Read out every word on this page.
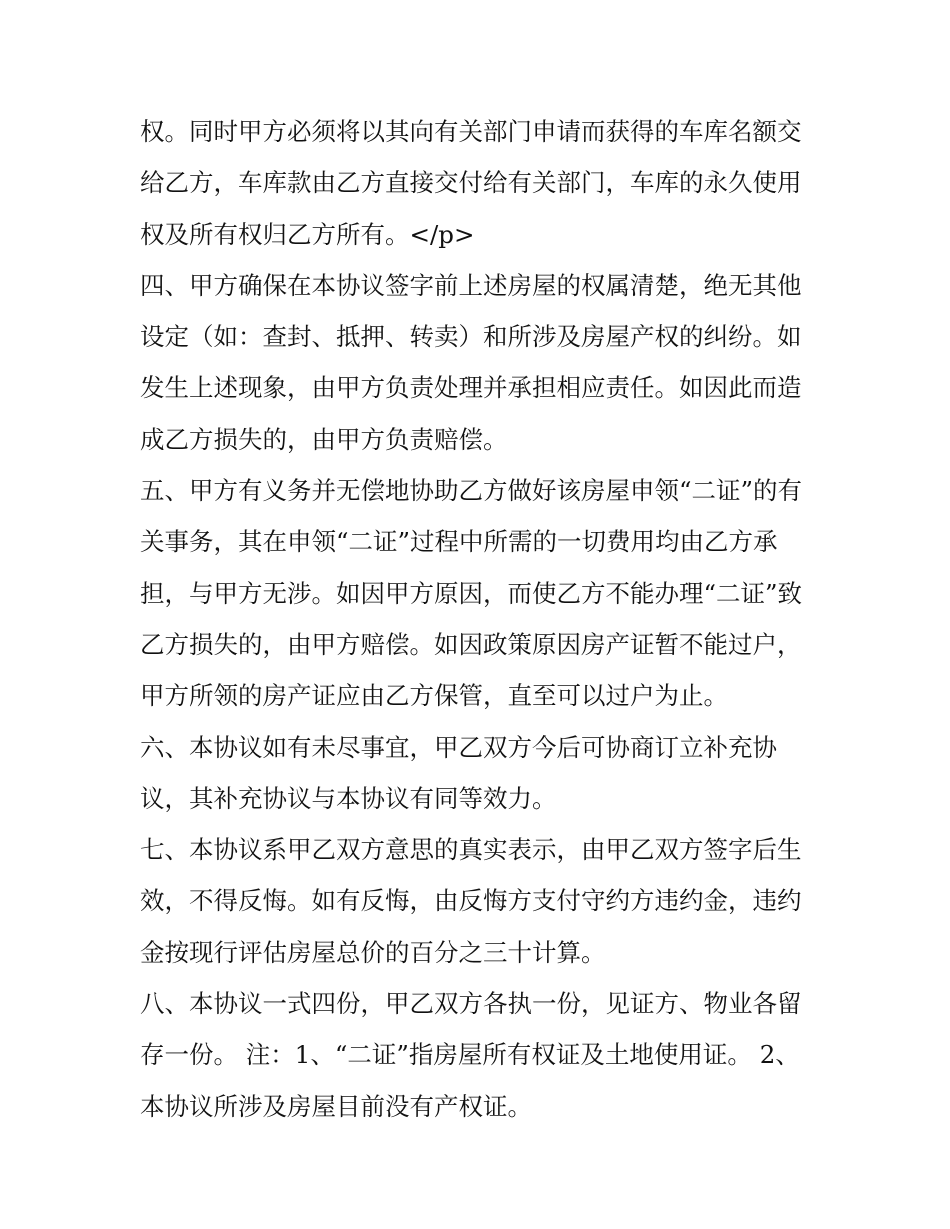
权。同时甲方必须将以其向有关部门申请而获得的车库名额交
给乙方，车库款由乙方直接交付给有关部门，车库的永久使用
权及所有权归乙方所有。</p>
四、甲方确保在本协议签字前上述房屋的权属清楚，绝无其他
设定（如：查封、抵押、转卖）和所涉及房屋产权的纠纷。如
发生上述现象，由甲方负责处理并承担相应责任。如因此而造
成乙方损失的，由甲方负责赔偿。
五、甲方有义务并无偿地协助乙方做好该房屋申领“二证”的有
关事务，其在申领“二证”过程中所需的一切费用均由乙方承
担，与甲方无涉。如因甲方原因，而使乙方不能办理“二证”致
乙方损失的，由甲方赔偿。如因政策原因房产证暂不能过户，
甲方所领的房产证应由乙方保管，直至可以过户为止。
六、本协议如有未尽事宜，甲乙双方今后可协商订立补充协
议，其补充协议与本协议有同等效力。
七、本协议系甲乙双方意思的真实表示，由甲乙双方签字后生
效，不得反悔。如有反悔，由反悔方支付守约方违约金，违约
金按现行评估房屋总价的百分之三十计算。
八、本协议一式四份，甲乙双方各执一份，见证方、物业各留
存一份。 注：1、“二证”指房屋所有权证及土地使用证。 2、
本协议所涉及房屋目前没有产权证。
